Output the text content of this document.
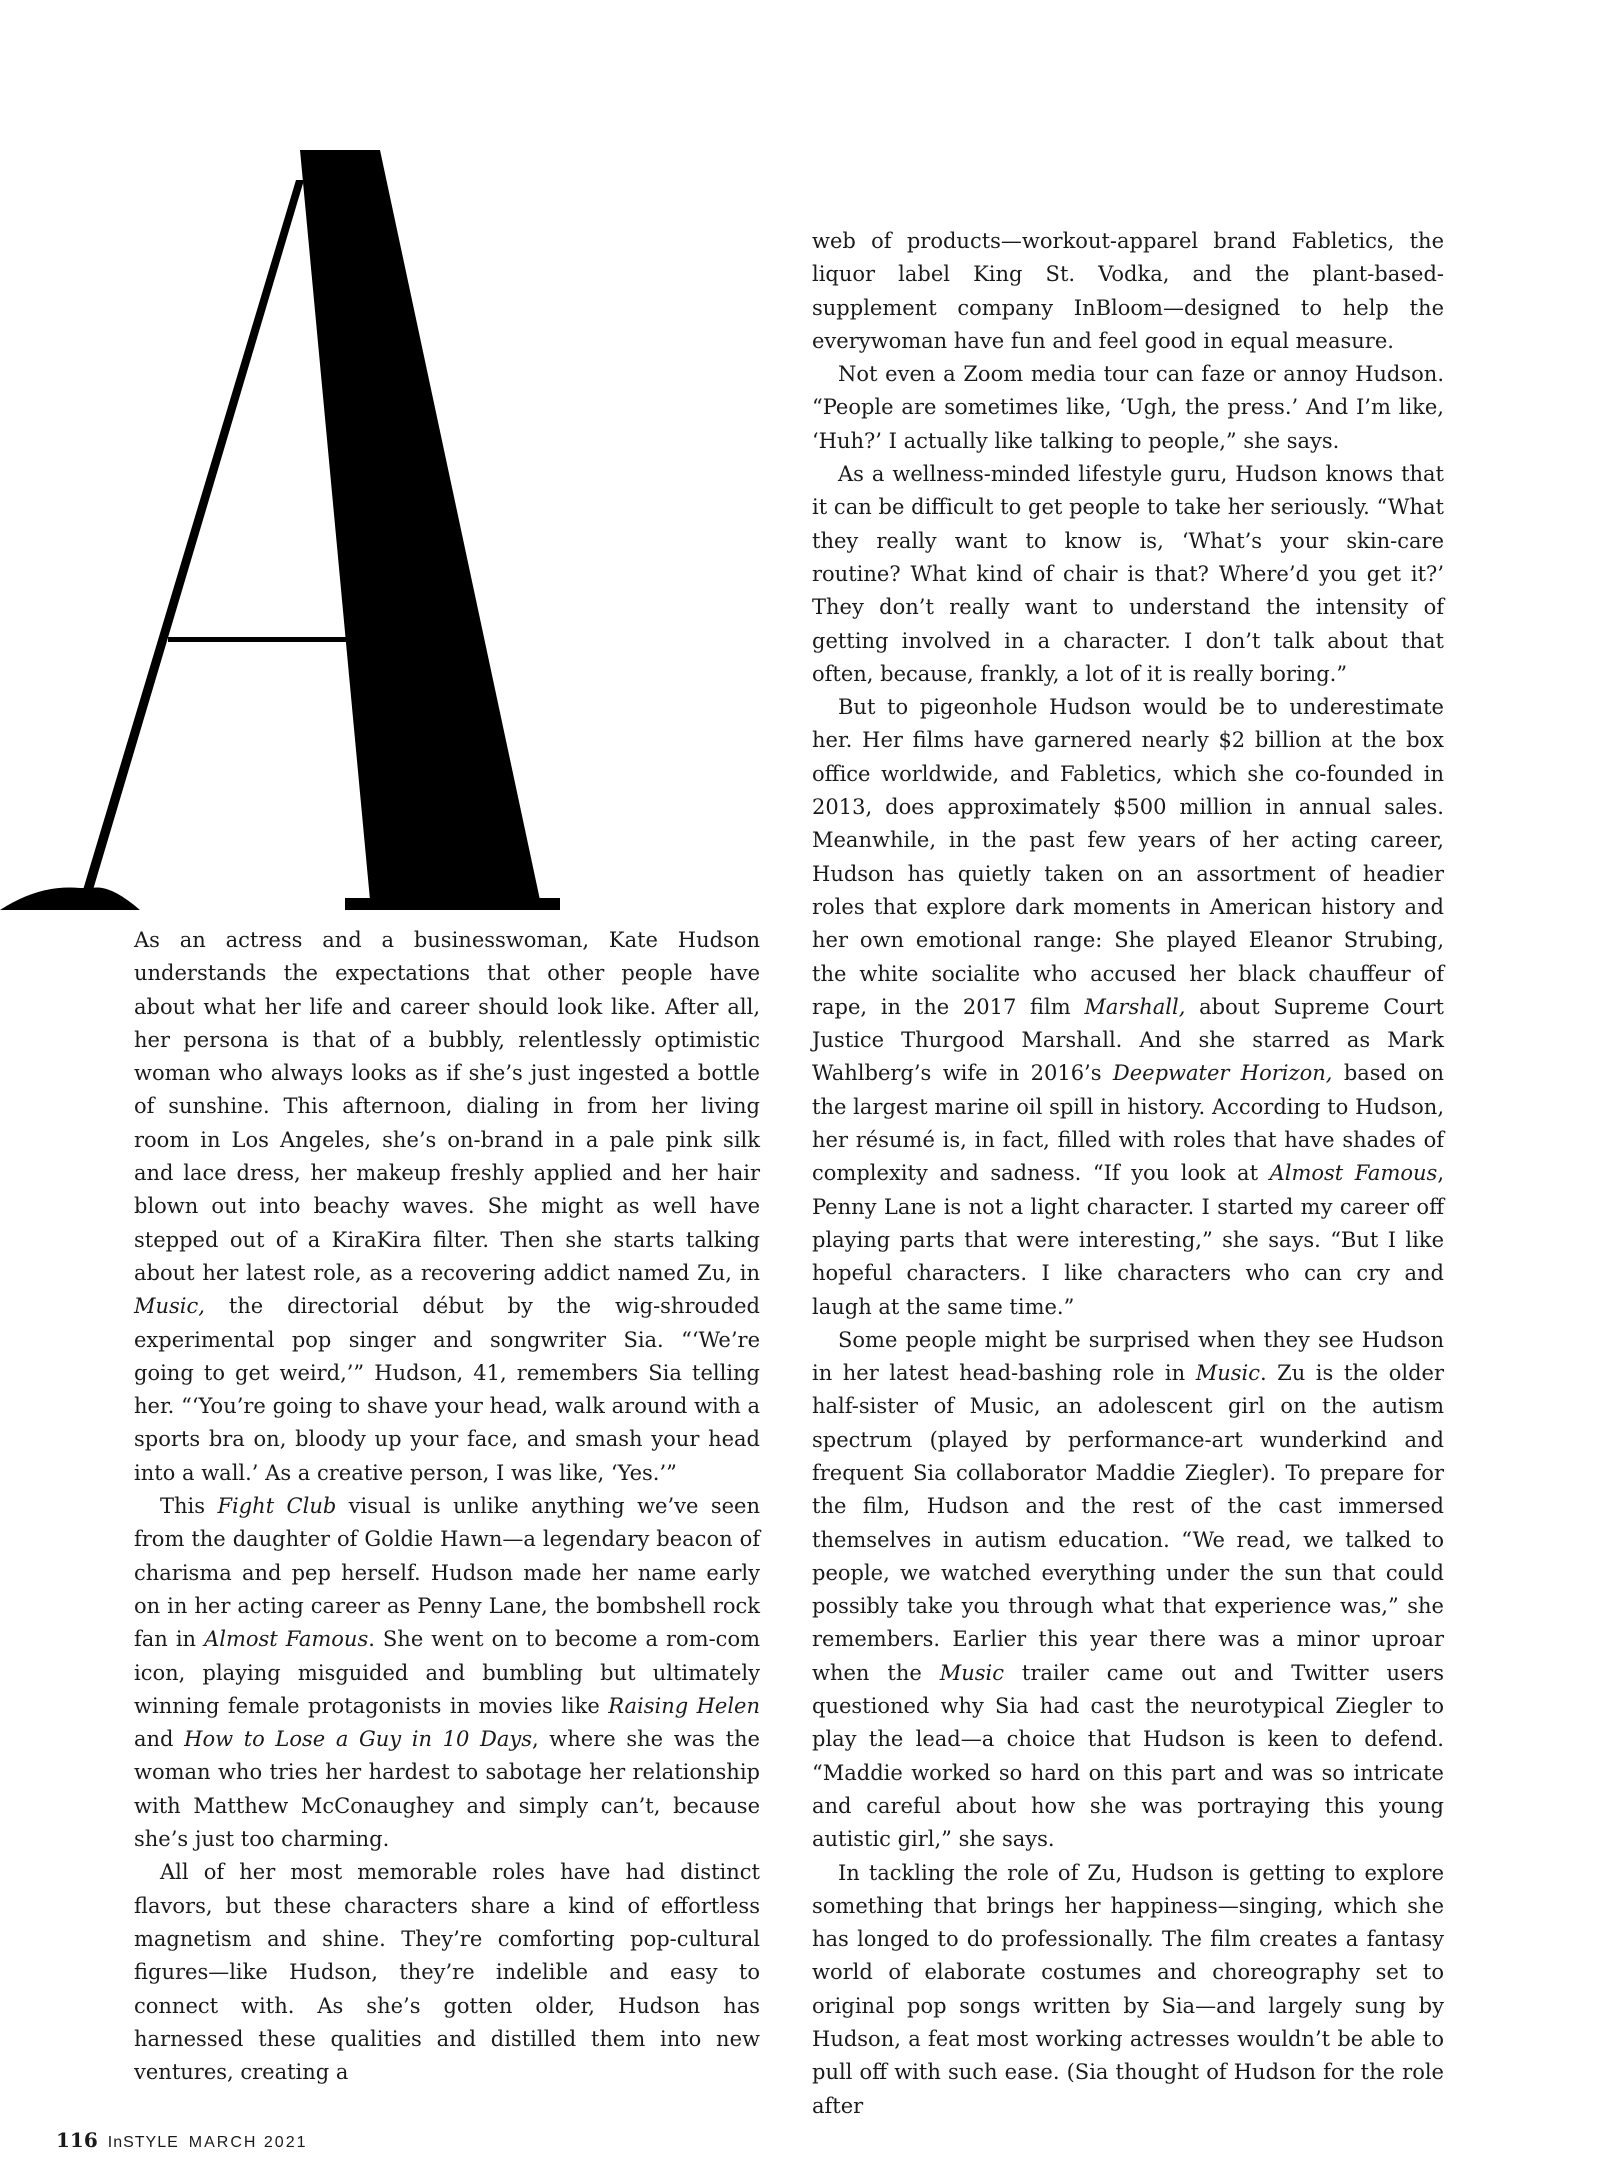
As an actress and a businesswoman, Kate Hudson understands the expectations that other people have about what her life and career should look like. After all, her persona is that of a bubbly, relentlessly optimistic woman who always looks as if she’s just ingested a bottle of sunshine. This afternoon, dialing in from her living room in Los Angeles, she’s on-brand in a pale pink silk and lace dress, her makeup freshly applied and her hair blown out into beachy waves. She might as well have stepped out of a KiraKira filter. Then she starts talking about her latest role, as a recovering addict named Zu, in Music, the directorial début by the wig-shrouded experimental pop singer and songwriter Sia. “‘We’re going to get weird,’” Hudson, 41, remembers Sia telling her. “‘You’re going to shave your head, walk around with a sports bra on, bloody up your face, and smash your head into a wall.’ As a creative person, I was like, ‘Yes.’”

This Fight Club visual is unlike anything we’ve seen from the daughter of Goldie Hawn—a legendary beacon of charisma and pep herself. Hudson made her name early on in her acting career as Penny Lane, the bombshell rock fan in Almost Famous. She went on to become a rom-com icon, playing misguided and bumbling but ultimately winning female protagonists in movies like Raising Helen and How to Lose a Guy in 10 Days, where she was the woman who tries her hardest to sabotage her relationship with Matthew McConaughey and simply can’t, because she’s just too charming.

All of her most memorable roles have had distinct flavors, but these characters share a kind of effortless magnetism and shine. They’re comforting pop-cultural figures—like Hudson, they’re indelible and easy to connect with. As she’s gotten older, Hudson has harnessed these qualities and distilled them into new ventures, creating a

web of products—workout-apparel brand Fabletics, the liquor label King St. Vodka, and the plant-based-supplement company InBloom—designed to help the everywoman have fun and feel good in equal measure.

Not even a Zoom media tour can faze or annoy Hudson. “People are sometimes like, ‘Ugh, the press.’ And I’m like, ‘Huh?’ I actually like talking to people,” she says.

As a wellness-minded lifestyle guru, Hudson knows that it can be difficult to get people to take her seriously. “What they really want to know is, ‘What’s your skin-care routine? What kind of chair is that? Where’d you get it?’ They don’t really want to understand the intensity of getting involved in a character. I don’t talk about that often, because, frankly, a lot of it is really boring.”

But to pigeonhole Hudson would be to underestimate her. Her films have garnered nearly $2 billion at the box office worldwide, and Fabletics, which she co-founded in 2013, does approximately $500 million in annual sales. Meanwhile, in the past few years of her acting career, Hudson has quietly taken on an assortment of headier roles that explore dark moments in American history and her own emotional range: She played Eleanor Strubing, the white socialite who accused her black chauffeur of rape, in the 2017 film Marshall, about Supreme Court Justice Thurgood Marshall. And she starred as Mark Wahlberg’s wife in 2016’s Deepwater Horizon, based on the largest marine oil spill in history. According to Hudson, her résumé is, in fact, filled with roles that have shades of complexity and sadness. “If you look at Almost Famous, Penny Lane is not a light character. I started my career off playing parts that were interesting,” she says. “But I like hopeful characters. I like characters who can cry and laugh at the same time.”

Some people might be surprised when they see Hudson in her latest head-bashing role in Music. Zu is the older half-sister of Music, an adolescent girl on the autism spectrum (played by performance-art wunderkind and frequent Sia collaborator Maddie Ziegler). To prepare for the film, Hudson and the rest of the cast immersed themselves in autism education. “We read, we talked to people, we watched everything under the sun that could possibly take you through what that experience was,” she remembers. Earlier this year there was a minor uproar when the Music trailer came out and Twitter users questioned why Sia had cast the neurotypical Ziegler to play the lead—a choice that Hudson is keen to defend. “Maddie worked so hard on this part and was so intricate and careful about how she was portraying this young autistic girl,” she says.

In tackling the role of Zu, Hudson is getting to explore something that brings her happiness—singing, which she has longed to do professionally. The film creates a fantasy world of elaborate costumes and choreography set to original pop songs written by Sia—and largely sung by Hudson, a feat most working actresses wouldn’t be able to pull off with such ease. (Sia thought of Hudson for the role after

116 InSTYLE MARCH 2021
